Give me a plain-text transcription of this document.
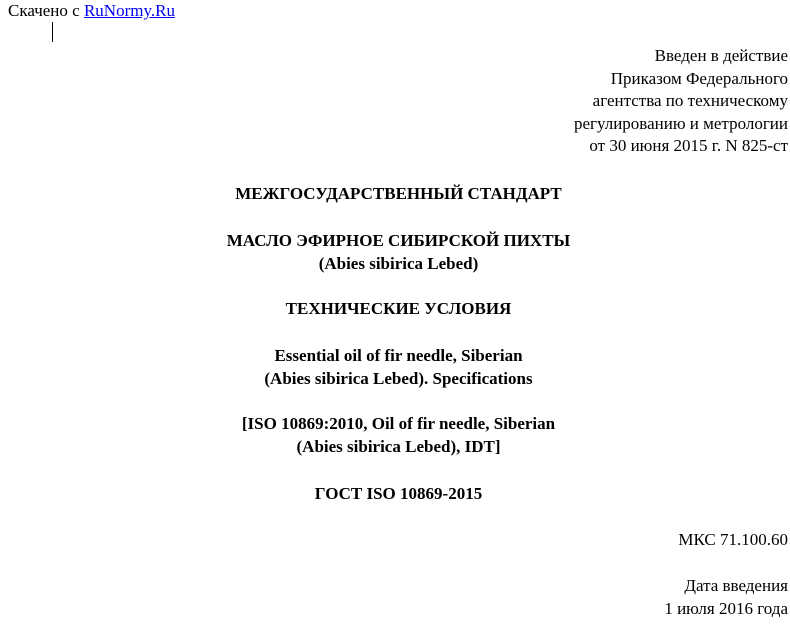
Скачено с RuNormy.Ru
Введен в действие
Приказом Федерального
агентства по техническому
регулированию и метрологии
от 30 июня 2015 г. N 825-ст
МЕЖГОСУДАРСТВЕННЫЙ СТАНДАРТ
МАСЛО ЭФИРНОЕ СИБИРСКОЙ ПИХТЫ
(Abies sibirica Lebed)
ТЕХНИЧЕСКИЕ УСЛОВИЯ
Essential oil of fir needle, Siberian
(Abies sibirica Lebed). Specifications
[ISO 10869:2010, Oil of fir needle, Siberian
(Abies sibirica Lebed), IDT]
ГОСТ ISO 10869-2015
МКС 71.100.60
Дата введения
1 июля 2016 года
